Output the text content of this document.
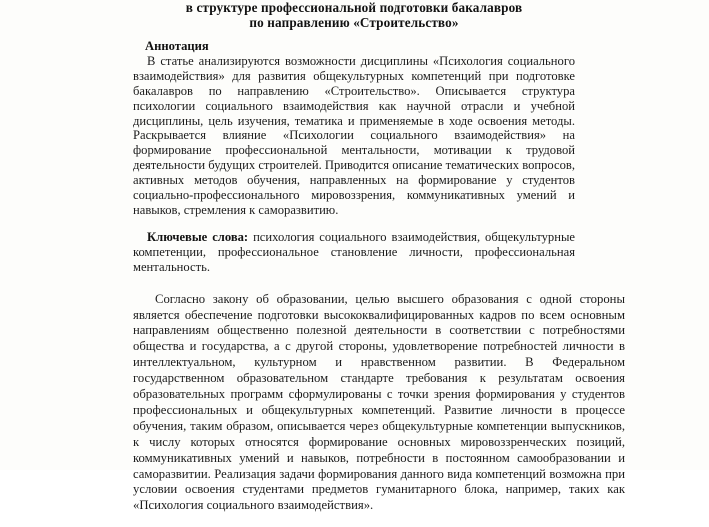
в структуре профессиональной подготовки бакалавров
по направлению «Строительство»
Аннотация

В статье анализируются возможности дисциплины «Психология социального взаимодействия» для развития общекультурных компетенций при подготовке бакалавров по направлению «Строительство». Описывается структура психологии социального взаимодействия как научной отрасли и учебной дисциплины, цель изучения, тематика и применяемые в ходе освоения методы. Раскрывается влияние «Психологии социального взаимодействия» на формирование профессиональной ментальности, мотивации к трудовой деятельности будущих строителей. Приводится описание тематических вопросов, активных методов обучения, направленных на формирование у студентов социально-профессионального мировоззрения, коммуникативных умений и навыков, стремления к саморазвитию.

Ключевые слова: психология социального взаимодействия, общекультурные компетенции, профессиональное становление личности, профессиональная ментальность.

Согласно закону об образовании, целью высшего образования с одной стороны является обеспечение подготовки высококвалифицированных кадров по всем основным направлениям общественно полезной деятельности в соответствии с потребностями общества и государства, а с другой стороны, удовлетворение потребностей личности в интеллектуальном, культурном и нравственном развитии. В Федеральном государственном образовательном стандарте требования к результатам освоения образовательных программ сформулированы с точки зрения формирования у студентов профессиональных и общекультурных компетенций. Развитие личности в процессе обучения, таким образом, описывается через общекультурные компетенции выпускников, к числу которых относятся формирование основных мировоззренческих позиций, коммуникативных умений и навыков, потребности в постоянном самообразовании и саморазвитии. Реализация задачи формирования данного вида компетенций возможна при условии освоения студентами предметов гуманитарного блока, например, таких как «Психология социального взаимодействия».
